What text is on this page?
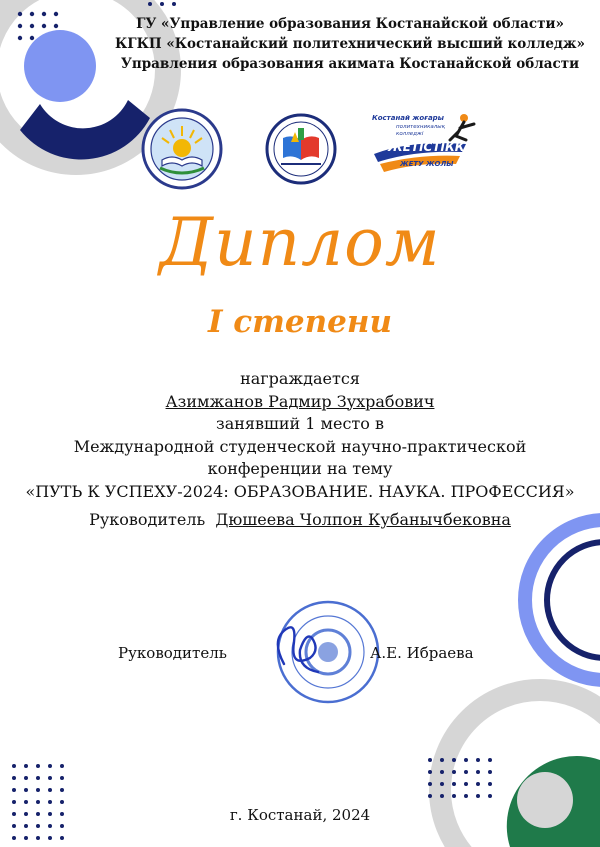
ГУ «Управление образования Костанайской области»
КГКП «Костанайский политехнический высший колледж»
Управления образования акимата Костанайской области
Костанай жоғары
политехникалық колледжі
ЖЕТІСТІККЕ
ЖЕТУ ЖОЛЫ
Диплом
I степени
награждается
Азимжанов Радмир Зухрабович
занявший 1 место в
Международной студенческой научно-практической
конференции на тему
«ПУТЬ К УСПЕХУ-2024: ОБРАЗОВАНИЕ. НАУКА. ПРОФЕССИЯ»
Руководитель Дюшеева Чолпон Кубанычбековна
Руководитель	А.Е. Ибраева
г. Костанай, 2024
